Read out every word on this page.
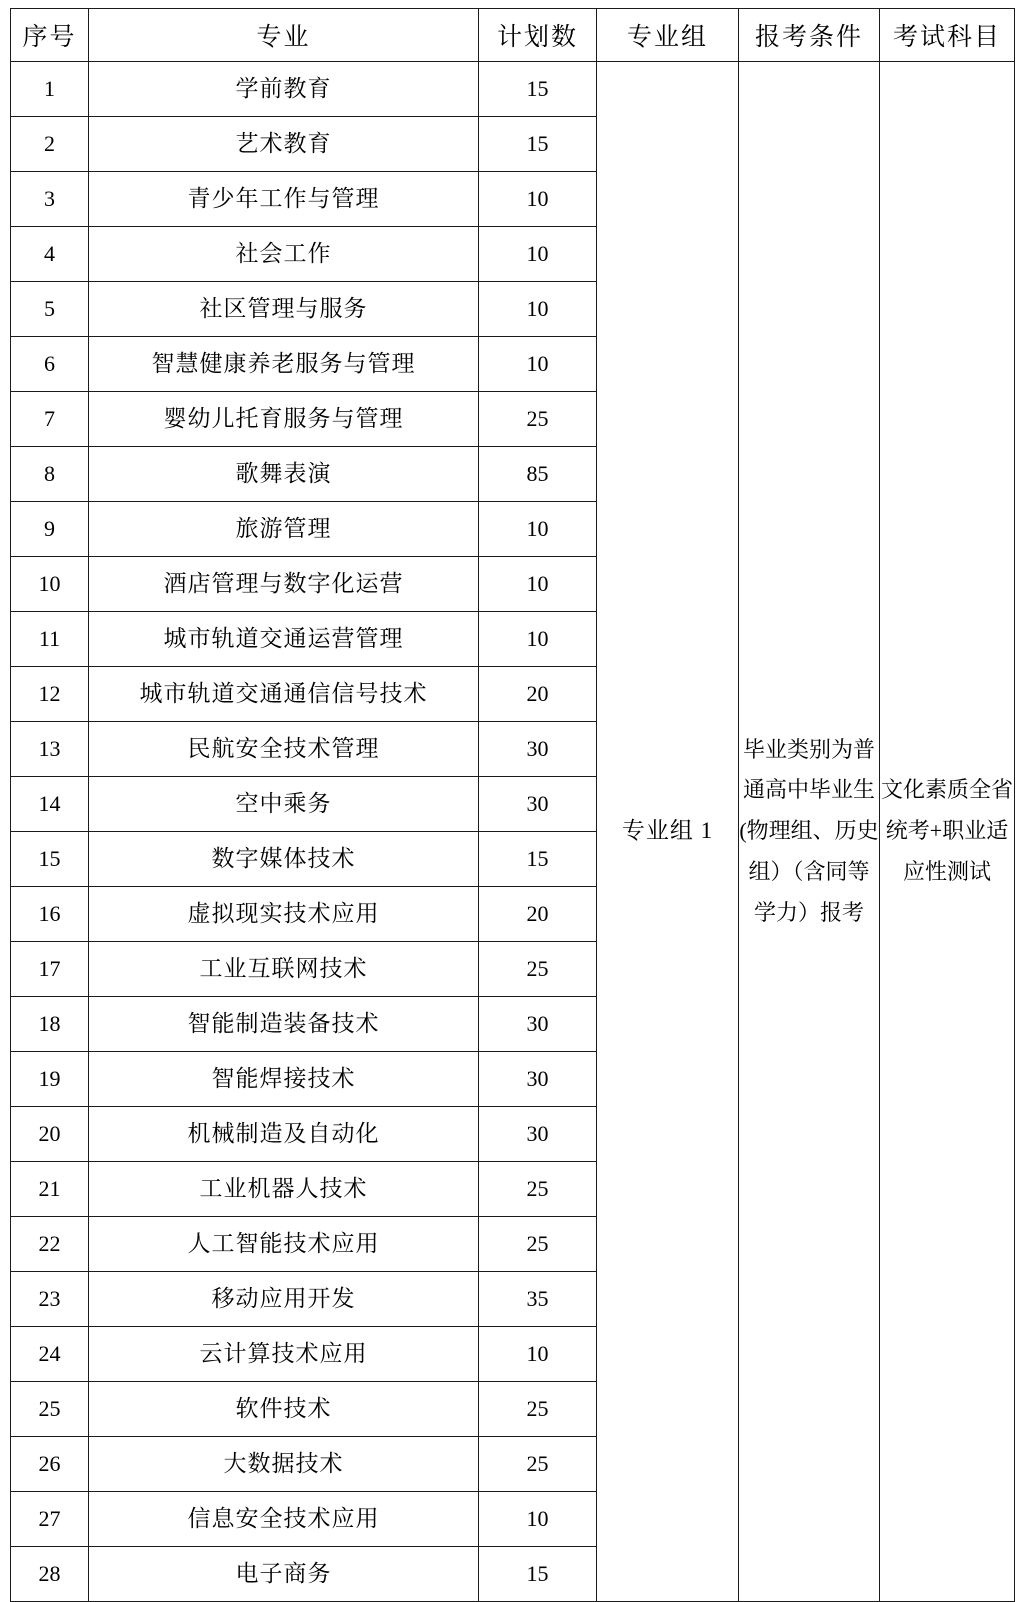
序号	专业	计划数	专业组	报考条件	考试科目
1	学前教育	15	专业组 1	毕业类别为普通高中毕业生(物理组、历史组）（含同等学力）报考	文化素质全省统考+职业适应性测试
2	艺术教育	15			
3	青少年工作与管理	10			
4	社会工作	10			
5	社区管理与服务	10			
6	智慧健康养老服务与管理	10			
7	婴幼儿托育服务与管理	25			
8	歌舞表演	85			
9	旅游管理	10			
10	酒店管理与数字化运营	10			
11	城市轨道交通运营管理	10			
12	城市轨道交通通信信号技术	20			
13	民航安全技术管理	30			
14	空中乘务	30			
15	数字媒体技术	15			
16	虚拟现实技术应用	20			
17	工业互联网技术	25			
18	智能制造装备技术	30			
19	智能焊接技术	30			
20	机械制造及自动化	30			
21	工业机器人技术	25			
22	人工智能技术应用	25			
23	移动应用开发	35			
24	云计算技术应用	10			
25	软件技术	25			
26	大数据技术	25			
27	信息安全技术应用	10			
28	电子商务	15			
